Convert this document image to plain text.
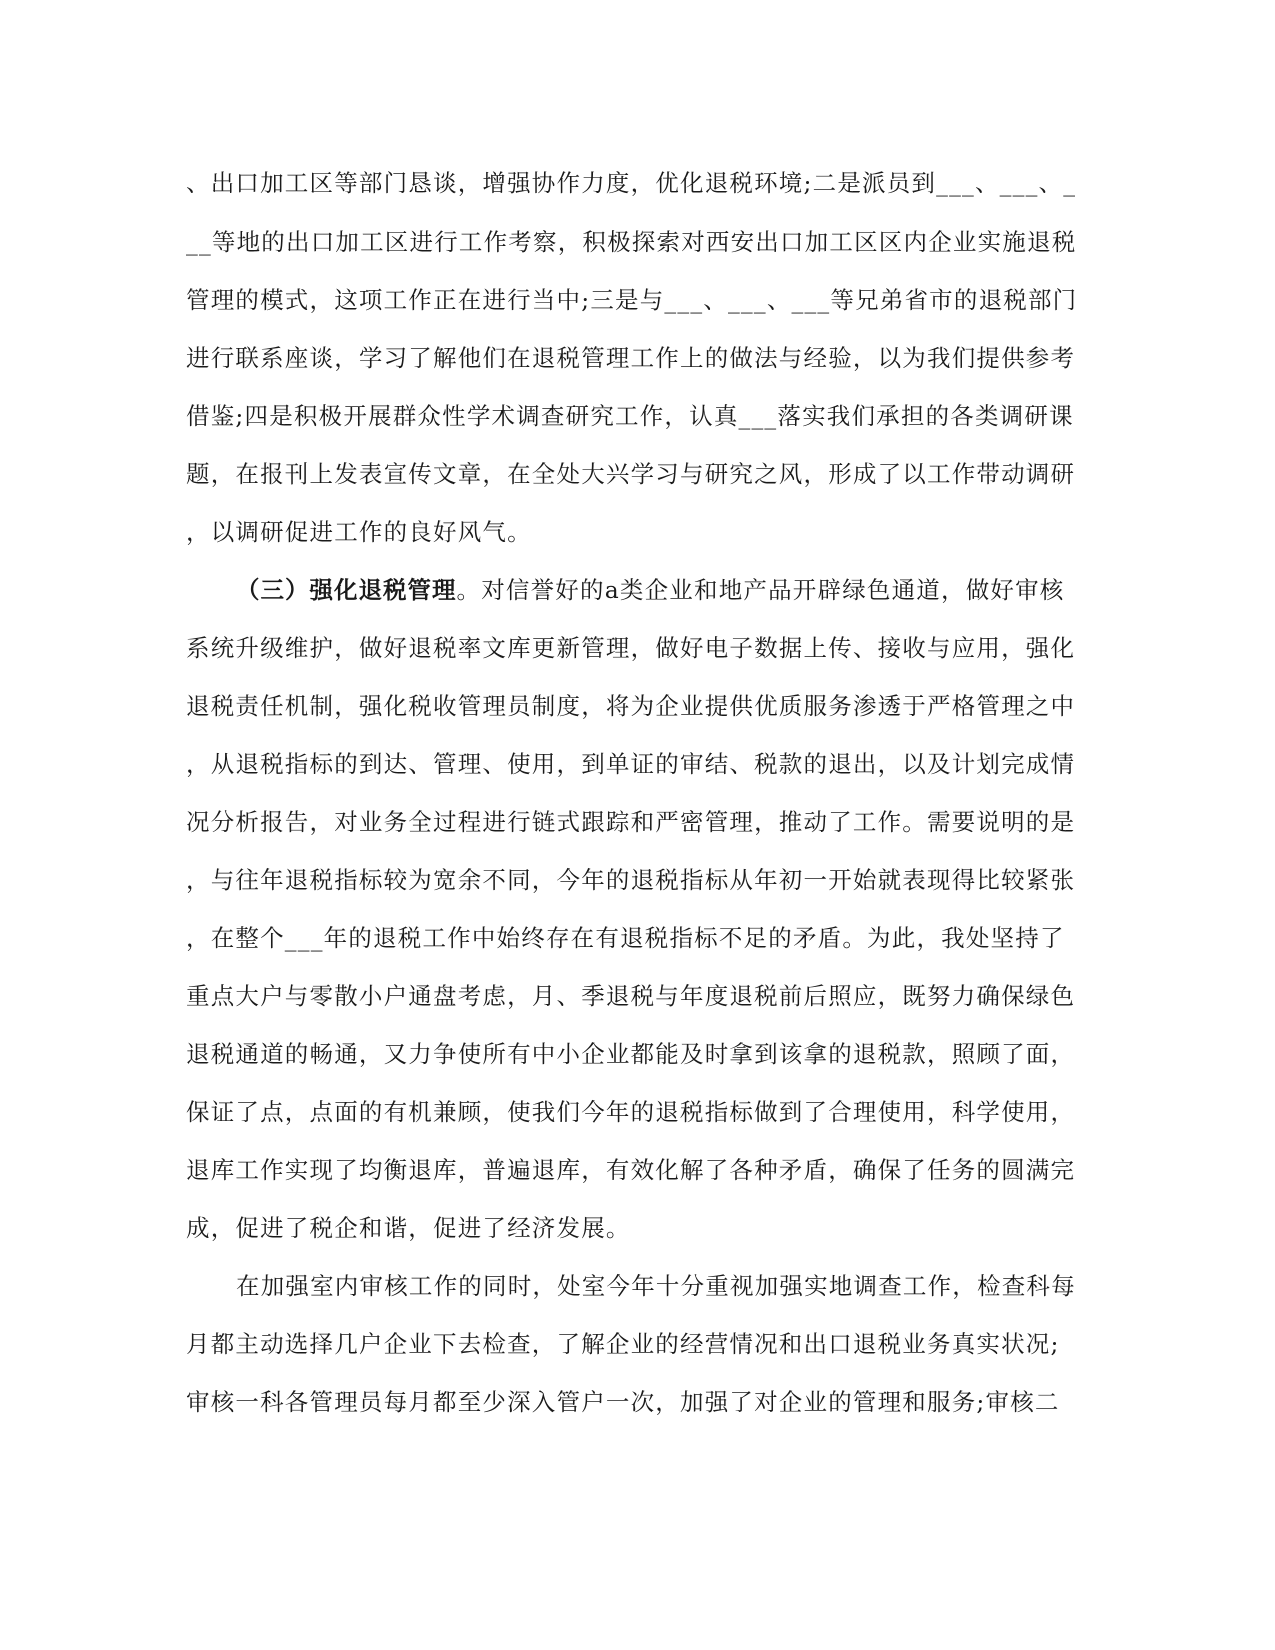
、出口加工区等部门恳谈，增强协作力度，优化退税环境;二是派员到___、___、_
__等地的出口加工区进行工作考察，积极探索对西安出口加工区区内企业实施退税
管理的模式，这项工作正在进行当中;三是与___、___、___等兄弟省市的退税部门
进行联系座谈，学习了解他们在退税管理工作上的做法与经验，以为我们提供参考
借鉴;四是积极开展群众性学术调查研究工作，认真___落实我们承担的各类调研课
题，在报刊上发表宣传文章，在全处大兴学习与研究之风，形成了以工作带动调研
，以调研促进工作的良好风气。
（三）强化退税管理。对信誉好的a类企业和地产品开辟绿色通道，做好审核
系统升级维护，做好退税率文库更新管理，做好电子数据上传、接收与应用，强化
退税责任机制，强化税收管理员制度，将为企业提供优质服务渗透于严格管理之中
，从退税指标的到达、管理、使用，到单证的审结、税款的退出，以及计划完成情
况分析报告，对业务全过程进行链式跟踪和严密管理，推动了工作。需要说明的是
，与往年退税指标较为宽余不同，今年的退税指标从年初一开始就表现得比较紧张
，在整个___年的退税工作中始终存在有退税指标不足的矛盾。为此，我处坚持了
重点大户与零散小户通盘考虑，月、季退税与年度退税前后照应，既努力确保绿色
退税通道的畅通，又力争使所有中小企业都能及时拿到该拿的退税款，照顾了面，
保证了点，点面的有机兼顾，使我们今年的退税指标做到了合理使用，科学使用，
退库工作实现了均衡退库，普遍退库，有效化解了各种矛盾，确保了任务的圆满完
成，促进了税企和谐，促进了经济发展。
在加强室内审核工作的同时，处室今年十分重视加强实地调查工作，检查科每
月都主动选择几户企业下去检查，了解企业的经营情况和出口退税业务真实状况;
审核一科各管理员每月都至少深入管户一次，加强了对企业的管理和服务;审核二
